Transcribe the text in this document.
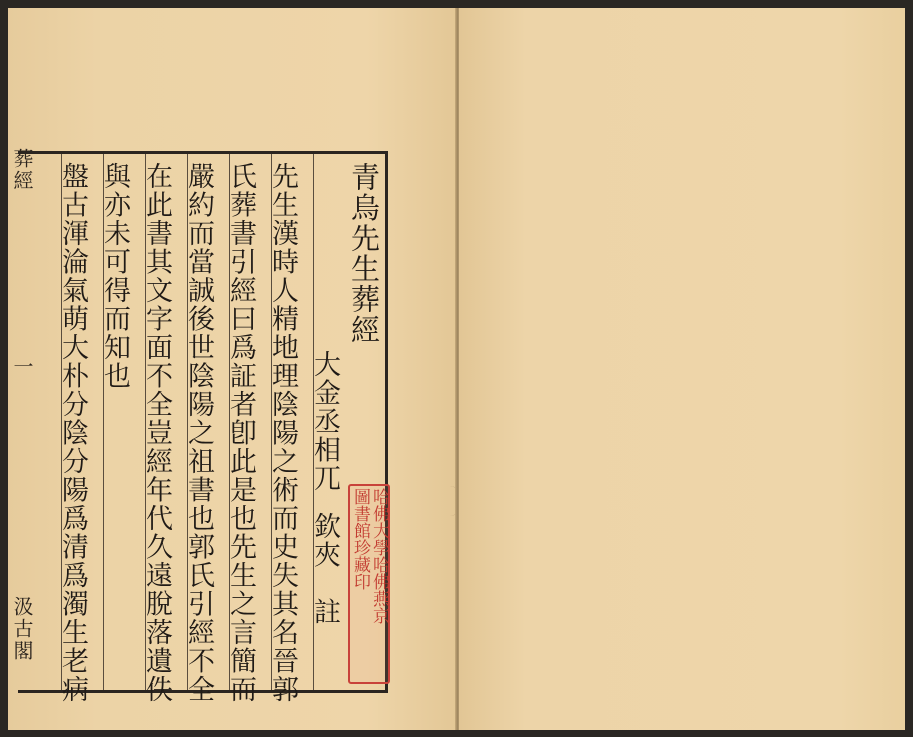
青烏先生葬經
大金丞相兀
欽夾　註
先生漢時人精地理陰陽之術而史失其名晉郭
氏葬書引經曰爲証者卽此是也先生之言簡而
嚴約而當誠後世陰陽之祖書也郭氏引經不全
在此書其文字面不全豈經年代久遠脫落遺佚
與亦未可得而知也
盤古渾淪氣萌大朴分陰分陽爲清爲濁生老病
葬經
一
汲古閣
哈佛大學哈佛燕京
圖書館珍藏印
